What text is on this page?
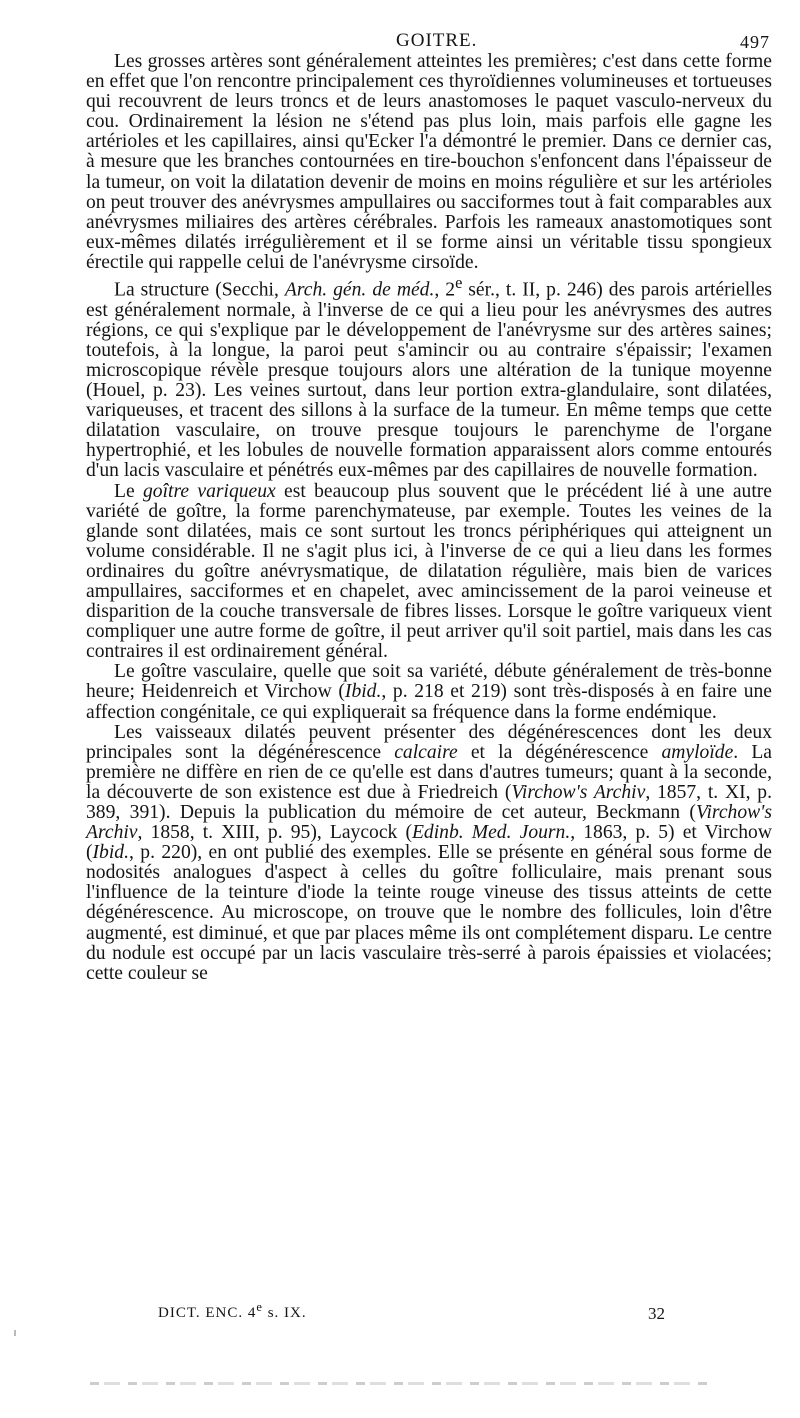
GOITRE.	497

Les grosses artères sont généralement atteintes les premières; c'est dans cette forme en effet que l'on rencontre principalement ces thyroïdiennes volumineuses et tortueuses qui recouvrent de leurs troncs et de leurs anastomoses le paquet vasculo-nerveux du cou. Ordinairement la lésion ne s'étend pas plus loin, mais parfois elle gagne les artérioles et les capillaires, ainsi qu'Ecker l'a démontré le premier. Dans ce dernier cas, à mesure que les branches contournées en tire-bouchon s'enfoncent dans l'épaisseur de la tumeur, on voit la dilatation devenir de moins en moins régulière et sur les artérioles on peut trouver des anévrysmes ampullaires ou sacciformes tout à fait comparables aux anévrysmes miliaires des artères cérébrales. Parfois les rameaux anastomotiques sont eux-mêmes dilatés irrégulièrement et il se forme ainsi un véritable tissu spongieux érectile qui rappelle celui de l'anévrysme cirsoïde.

La structure (Secchi, Arch. gén. de méd., 2e sér., t. II, p. 246) des parois artérielles est généralement normale, à l'inverse de ce qui a lieu pour les anévrysmes des autres régions, ce qui s'explique par le développement de l'anévrysme sur des artères saines; toutefois, à la longue, la paroi peut s'amincir ou au contraire s'épaissir; l'examen microscopique révèle presque toujours alors une altération de la tunique moyenne (Houel, p. 23). Les veines surtout, dans leur portion extra-glandulaire, sont dilatées, variqueuses, et tracent des sillons à la surface de la tumeur. En même temps que cette dilatation vasculaire, on trouve presque toujours le parenchyme de l'organe hypertrophié, et les lobules de nouvelle formation apparaissent alors comme entourés d'un lacis vasculaire et pénétrés eux-mêmes par des capillaires de nouvelle formation.

Le goître variqueux est beaucoup plus souvent que le précédent lié à une autre variété de goître, la forme parenchymateuse, par exemple. Toutes les veines de la glande sont dilatées, mais ce sont surtout les troncs périphériques qui atteignent un volume considérable. Il ne s'agit plus ici, à l'inverse de ce qui a lieu dans les formes ordinaires du goître anévrysmatique, de dilatation régulière, mais bien de varices ampullaires, sacciformes et en chapelet, avec amincissement de la paroi veineuse et disparition de la couche transversale de fibres lisses. Lorsque le goître variqueux vient compliquer une autre forme de goître, il peut arriver qu'il soit partiel, mais dans les cas contraires il est ordinairement général.

Le goître vasculaire, quelle que soit sa variété, débute généralement de très-bonne heure; Heidenreich et Virchow (Ibid., p. 218 et 219) sont très-disposés à en faire une affection congénitale, ce qui expliquerait sa fréquence dans la forme endémique.

Les vaisseaux dilatés peuvent présenter des dégénérescences dont les deux principales sont la dégénérescence calcaire et la dégénérescence amyloïde. La première ne diffère en rien de ce qu'elle est dans d'autres tumeurs; quant à la seconde, la découverte de son existence est due à Friedreich (Virchow's Archiv, 1857, t. XI, p. 389, 391). Depuis la publication du mémoire de cet auteur, Beckmann (Virchow's Archiv, 1858, t. XIII, p. 95), Laycock (Edinb. Med. Journ., 1863, p. 5) et Virchow (Ibid., p. 220), en ont publié des exemples. Elle se présente en général sous forme de nodosités analogues d'aspect à celles du goître folliculaire, mais prenant sous l'influence de la teinture d'iode la teinte rouge vineuse des tissus atteints de cette dégénérescence. Au microscope, on trouve que le nombre des follicules, loin d'être augmenté, est diminué, et que par places même ils ont complétement disparu. Le centre du nodule est occupé par un lacis vasculaire très-serré à parois épaissies et violacées; cette couleur se

DICT. ENC. 4e s. IX.	32
